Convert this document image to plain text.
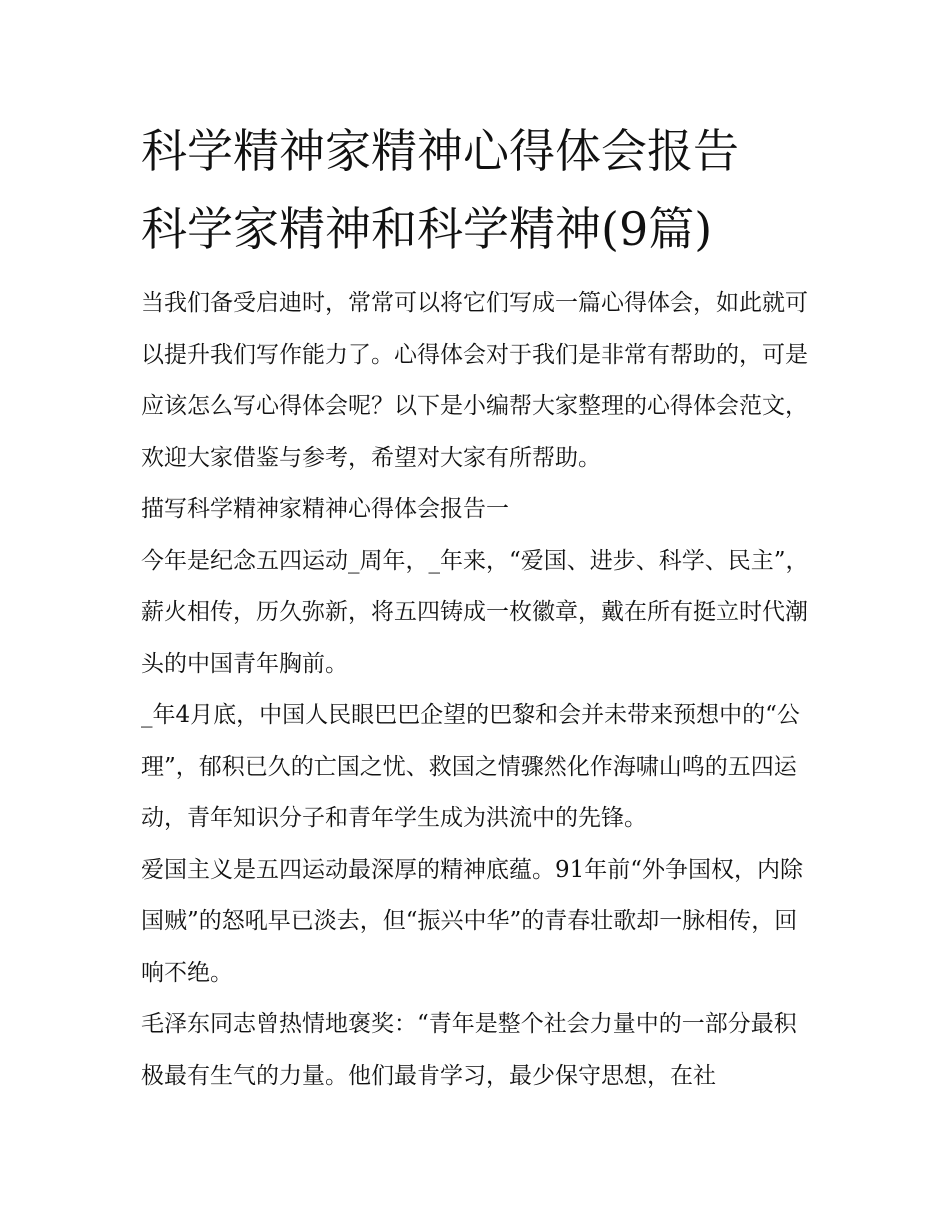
科学精神家精神心得体会报告
科学家精神和科学精神(9篇)

当我们备受启迪时，常常可以将它们写成一篇心得体会，如此就可以提升我们写作能力了。心得体会对于我们是非常有帮助的，可是应该怎么写心得体会呢？以下是小编帮大家整理的心得体会范文，欢迎大家借鉴与参考，希望对大家有所帮助。

描写科学精神家精神心得体会报告一

今年是纪念五四运动_周年，_年来，“爱国、进步、科学、民主”，薪火相传，历久弥新，将五四铸成一枚徽章，戴在所有挺立时代潮头的中国青年胸前。

_年4月底，中国人民眼巴巴企望的巴黎和会并未带来预想中的“公理”，郁积已久的亡国之忧、救国之情骤然化作海啸山鸣的五四运动，青年知识分子和青年学生成为洪流中的先锋。

爱国主义是五四运动最深厚的精神底蕴。91年前“外争国权，内除国贼”的怒吼早已淡去，但“振兴中华”的青春壮歌却一脉相传，回响不绝。

毛泽东同志曾热情地褒奖：“青年是整个社会力量中的一部分最积极最有生气的力量。他们最肯学习，最少保守思想，在社
